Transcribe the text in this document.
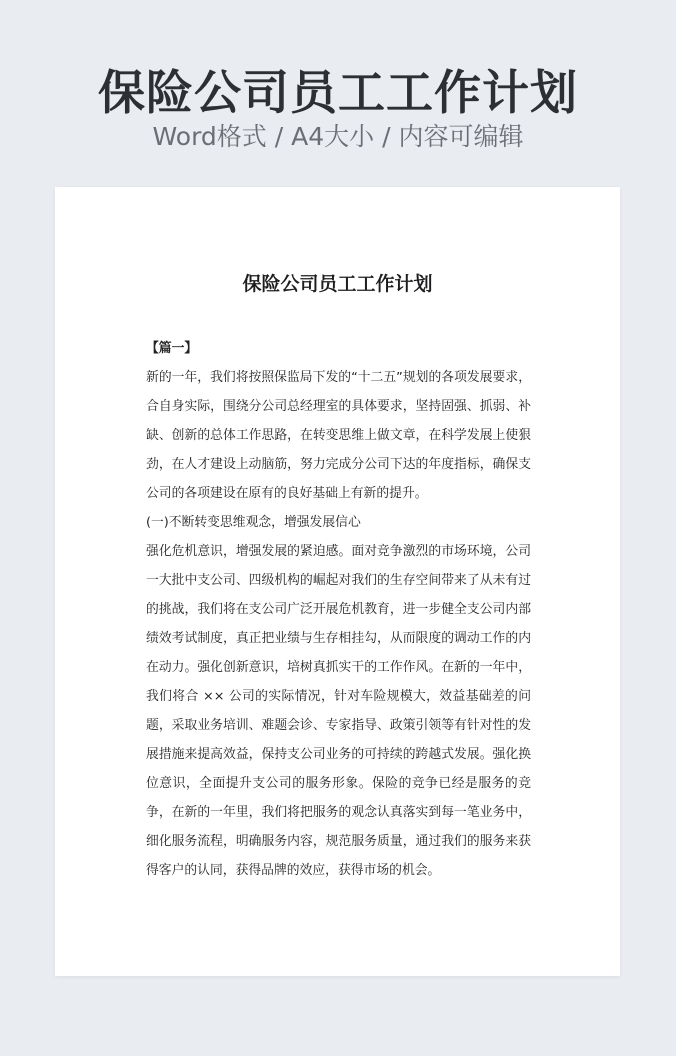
保险公司员工工作计划
Word格式 / A4大小 / 内容可编辑
保险公司员工工作计划

【篇一】

新的一年，我们将按照保监局下发的“十二五”规划的各项发展要求，合自身实际，围绕分公司总经理室的具体要求，坚持固强、抓弱、补缺、创新的总体工作思路，在转变思维上做文章，在科学发展上使狠劲，在人才建设上动脑筋，努力完成分公司下达的年度指标，确保支公司的各项建设在原有的良好基础上有新的提升。

(一)不断转变思维观念，增强发展信心

强化危机意识，增强发展的紧迫感。面对竞争激烈的市场环境，公司一大批中支公司、四级机构的崛起对我们的生存空间带来了从未有过的挑战，我们将在支公司广泛开展危机教育，进一步健全支公司内部绩效考试制度，真正把业绩与生存相挂勾，从而限度的调动工作的内在动力。强化创新意识，培树真抓实干的工作作风。在新的一年中，我们将合 ×× 公司的实际情况，针对车险规模大，效益基础差的问题，采取业务培训、难题会诊、专家指导、政策引领等有针对性的发展措施来提高效益，保持支公司业务的可持续的跨越式发展。强化换位意识，全面提升支公司的服务形象。保险的竞争已经是服务的竞争，在新的一年里，我们将把服务的观念认真落实到每一笔业务中，细化服务流程，明确服务内容，规范服务质量，通过我们的服务来获得客户的认同，获得品牌的效应，获得市场的机会。
